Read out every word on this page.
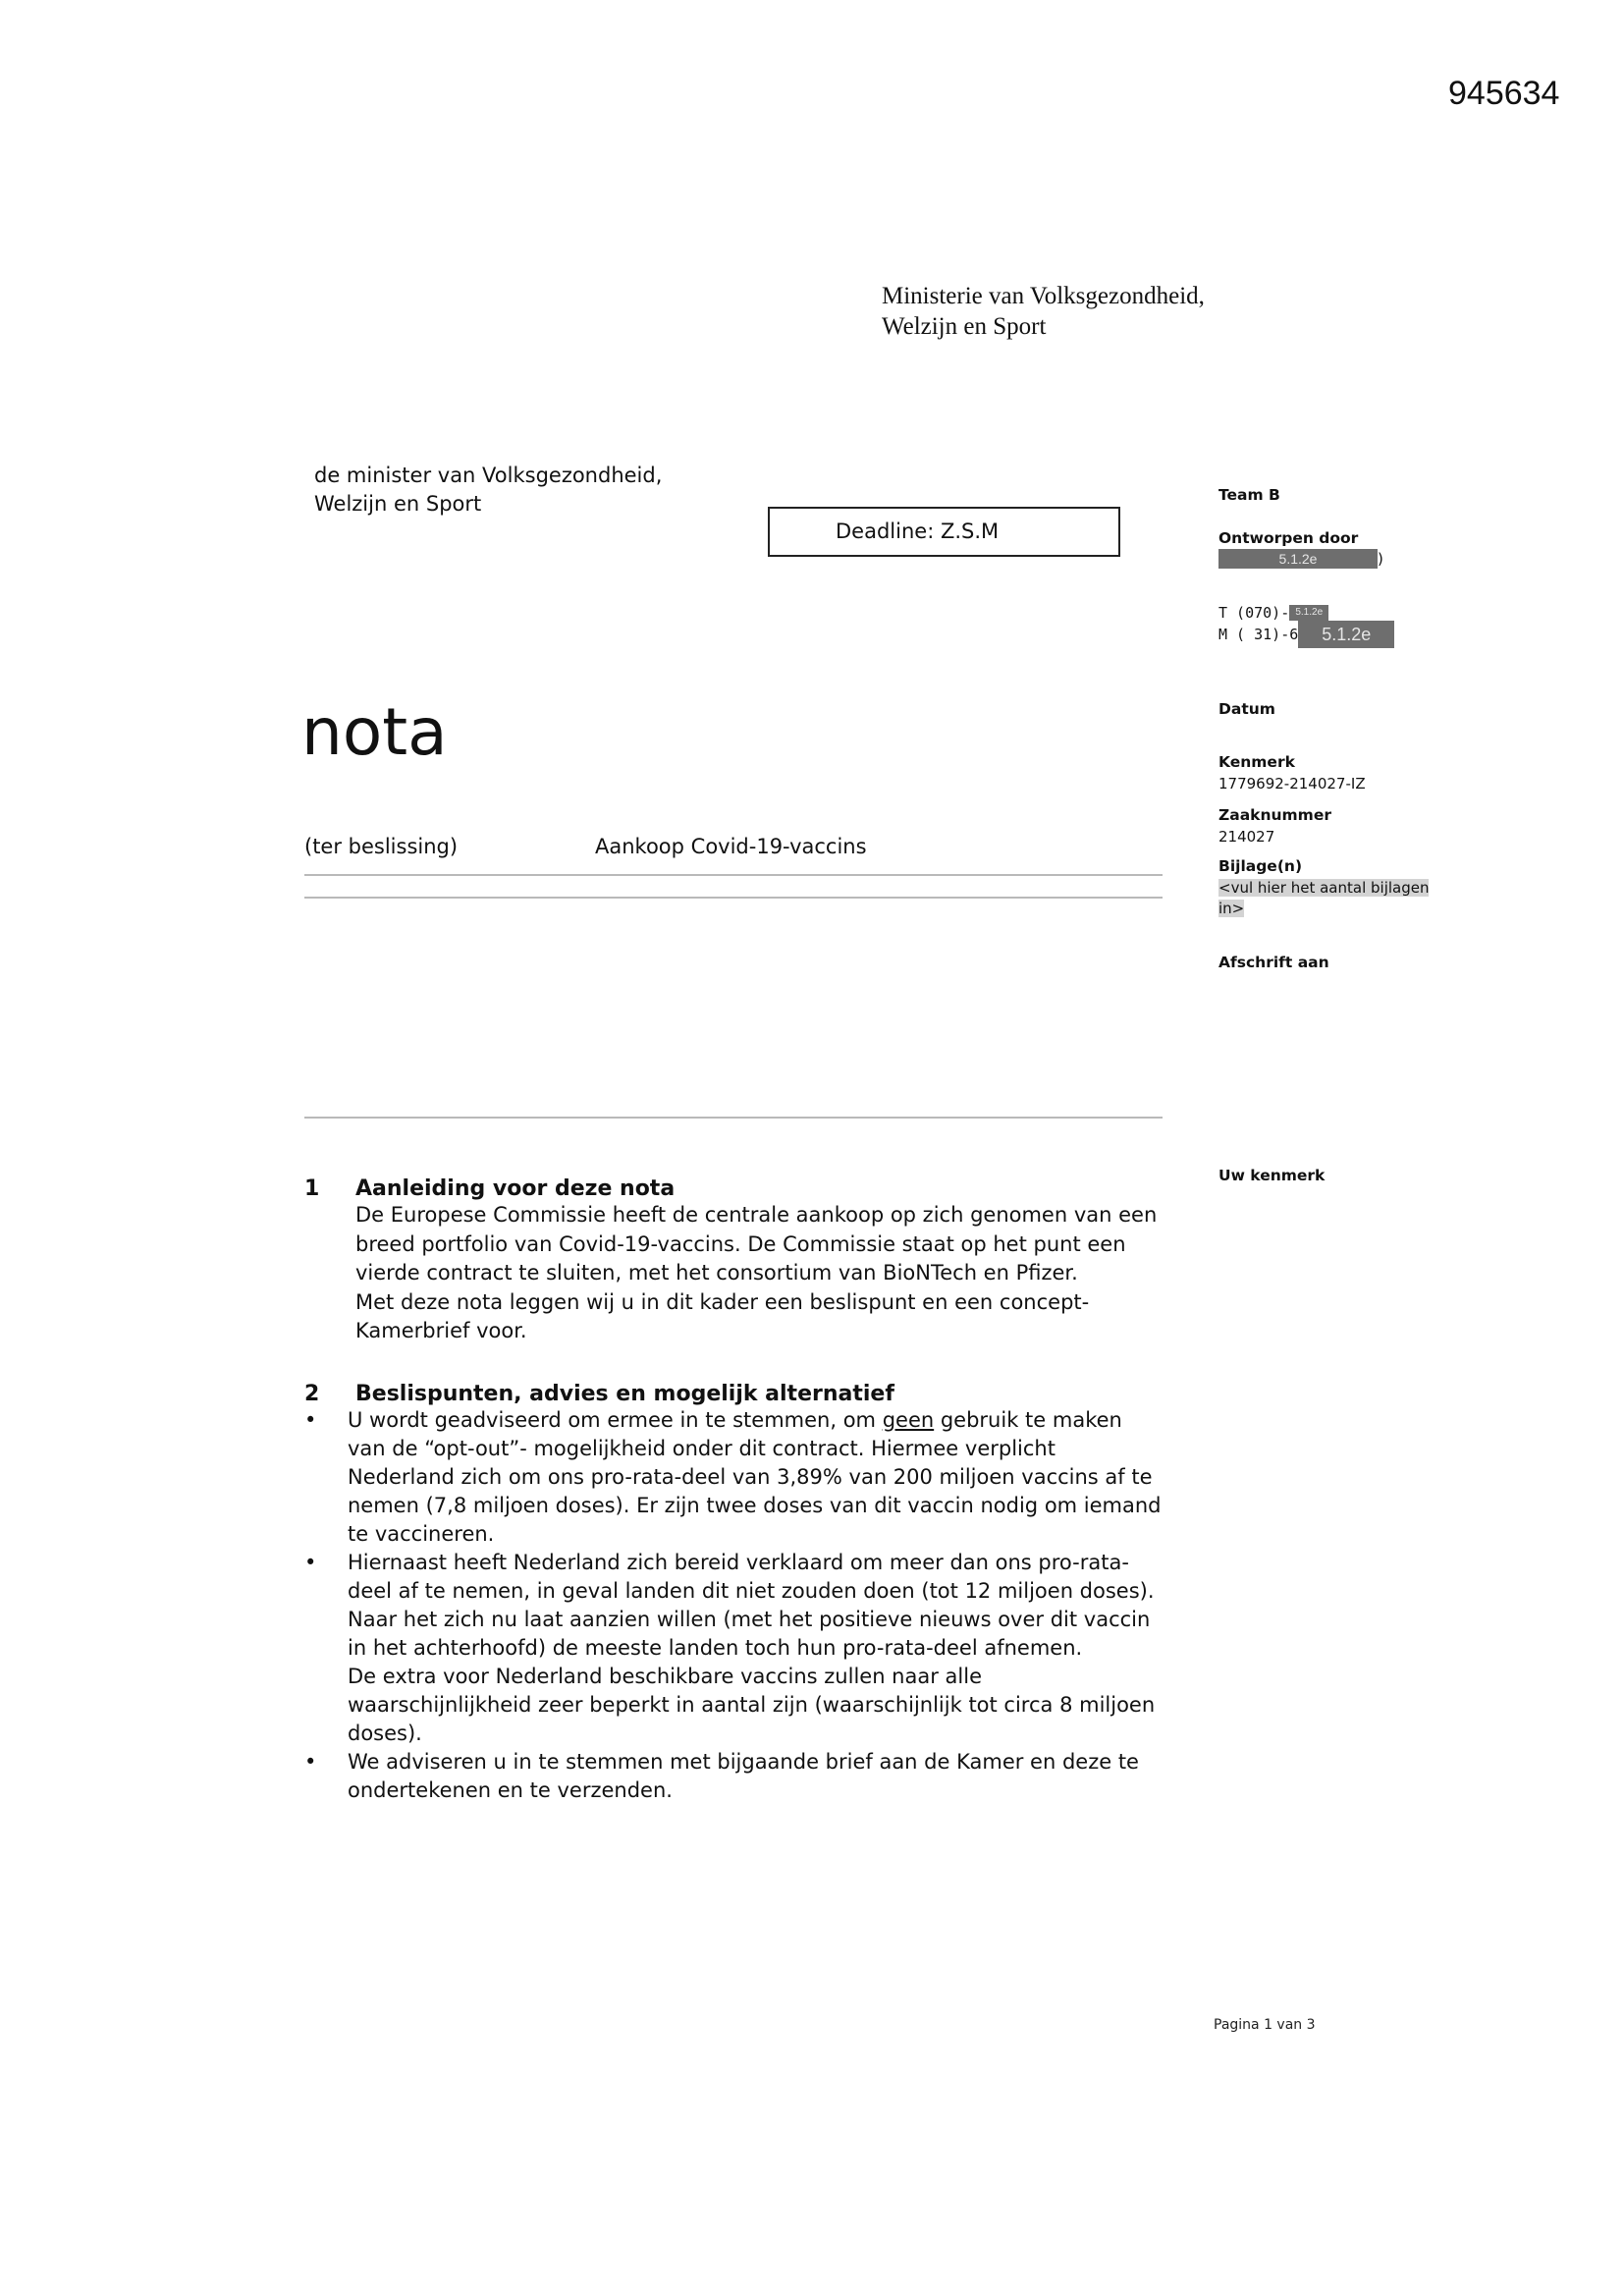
945634
Ministerie van Volksgezondheid,
Welzijn en Sport
de minister van Volksgezondheid,
Welzijn en Sport
Deadline: Z.S.M
nota
(ter beslissing)	Aankoop Covid-19-vaccins
Team B
Ontworpen door
5.1.2e	)
T (070)- 5.1.2e
M ( 31)-6	5.1.2e
Datum
Kenmerk
1779692-214027-IZ
Zaaknummer
214027
Bijlage(n)
<vul hier het aantal bijlagen
in>
Afschrift aan
Uw kenmerk
1 Aanleiding voor deze nota
De Europese Commissie heeft de centrale aankoop op zich genomen van een
breed portfolio van Covid-19-vaccins. De Commissie staat op het punt een
vierde contract te sluiten, met het consortium van BioNTech en Pfizer.
Met deze nota leggen wij u in dit kader een beslispunt en een concept-
Kamerbrief voor.
2 Beslispunten, advies en mogelijk alternatief
• U wordt geadviseerd om ermee in te stemmen, om geen gebruik te maken
van de “opt-out”- mogelijkheid onder dit contract. Hiermee verplicht
Nederland zich om ons pro-rata-deel van 3,89% van 200 miljoen vaccins af te
nemen (7,8 miljoen doses). Er zijn twee doses van dit vaccin nodig om iemand
te vaccineren.
• Hiernaast heeft Nederland zich bereid verklaard om meer dan ons pro-rata-
deel af te nemen, in geval landen dit niet zouden doen (tot 12 miljoen doses).
Naar het zich nu laat aanzien willen (met het positieve nieuws over dit vaccin
in het achterhoofd) de meeste landen toch hun pro-rata-deel afnemen.
De extra voor Nederland beschikbare vaccins zullen naar alle
waarschijnlijkheid zeer beperkt in aantal zijn (waarschijnlijk tot circa 8 miljoen
doses).
• We adviseren u in te stemmen met bijgaande brief aan de Kamer en deze te
ondertekenen en te verzenden.
Pagina 1 van 3
